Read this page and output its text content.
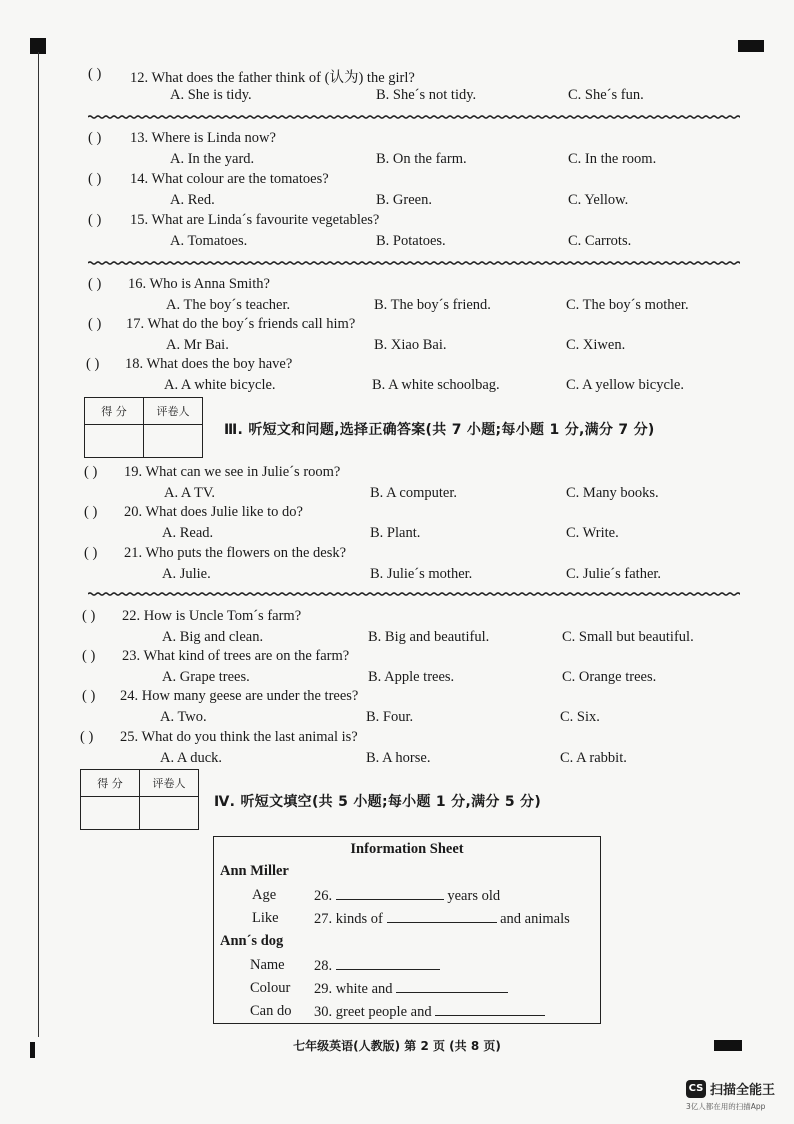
( ) 12. What does the father think of (认为) the girl?
A. She is tidy.	B. She´s not tidy.	C. She´s fun.
( ) 13. Where is Linda now?
A. In the yard.	B. On the farm.	C. In the room.
( ) 14. What colour are the tomatoes?
A. Red.	B. Green.	C. Yellow.
( ) 15. What are Linda´s favourite vegetables?
A. Tomatoes.	B. Potatoes.	C. Carrots.
( ) 16. Who is Anna Smith?
A. The boy´s teacher.	B. The boy´s friend.	C. The boy´s mother.
( ) 17. What do the boy´s friends call him?
A. Mr Bai.	B. Xiao Bai.	C. Xiwen.
( ) 18. What does the boy have?
A. A white bicycle.	B. A white schoolbag.	C. A yellow bicycle.
( ) 19. What can we see in Julie´s room?
A. A TV.	B. A computer.	C. Many books.
( ) 20. What does Julie like to do?
A. Read.	B. Plant.	C. Write.
( ) 21. Who puts the flowers on the desk?
A. Julie.	B. Julie´s mother.	C. Julie´s father.
( ) 22. How is Uncle Tom´s farm?
A. Big and clean.	B. Big and beautiful.	C. Small but beautiful.
( ) 23. What kind of trees are on the farm?
A. Grape trees.	B. Apple trees.	C. Orange trees.
( ) 24. How many geese are under the trees?
A. Two.	B. Four.	C. Six.
( ) 25. What do you think the last animal is?
A. A duck.	B. A horse.	C. A rabbit.
得 分	评卷人

Ⅲ. 听短文和问题,选择正确答案(共 7 小题;每小题 1 分,满分 7 分)
得 分	评卷人

Ⅳ. 听短文填空(共 5 小题;每小题 1 分,满分 5 分)
Information Sheet
Ann Miller
Age	26.	years old
Like 27. kinds of	and animals
Ann´s dog
Name 28.
Colour 29. white and
Can do 30. greet people and
七年级英语(人教版) 第 2 页 (共 8 页)
CS 扫描全能王
3亿人都在用的扫描App
